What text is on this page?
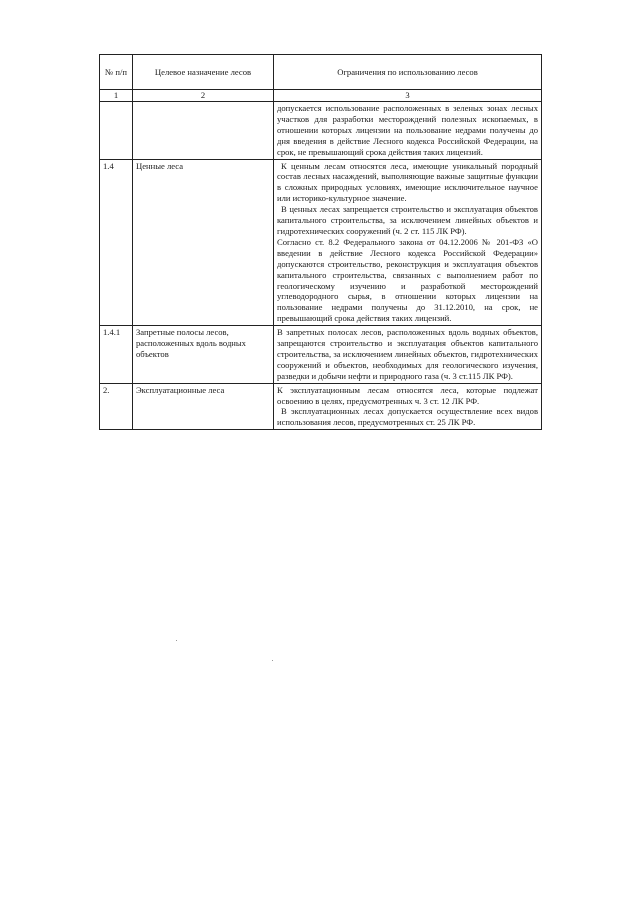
№ п/п	Целевое назначение лесов	Ограничения по использованию лесов
1	2	3

		допускается использование расположенных в зеленых зонах лесных участков для разработки месторождений полезных ископаемых, в отношении которых лицензии на пользование недрами получены до дня введения в действие Лесного кодекса Российской Федерации, на срок, не превышающий срока действия таких лицензий.

1.4	Ценные леса	К ценным лесам относятся леса, имеющие уникальный породный состав лесных насаждений, выполняющие важные защитные функции в сложных природных условиях, имеющие исключительное научное или историко-культурное значение.

В ценных лесах запрещается строительство и эксплуатация объектов капитального строительства, за исключением линейных объектов и гидротехнических сооружений (ч. 2 ст. 115 ЛК РФ).

Согласно ст. 8.2 Федерального закона от 04.12.2006 № 201-ФЗ «О введении в действие Лесного кодекса Российской Федерации» допускаются строительство, реконструкция и эксплуатация объектов капитального строительства, связанных с выполнением работ по геологическому изучению и разработкой месторождений углеводородного сырья, в отношении которых лицензии на пользование недрами получены до 31.12.2010, на срок, не превышающий срока действия таких лицензий.

1.4.1	Запретные полосы лесов, расположенных вдоль водных объектов	В запретных полосах лесов, расположенных вдоль водных объектов, запрещаются строительство и эксплуатация объектов капитального строительства, за исключением линейных объектов, гидротехнических сооружений и объектов, необходимых для геологического изучения, разведки и добычи нефти и природного газа (ч. 3 ст.115 ЛК РФ).

2.	Эксплуатационные леса	К эксплуатационным лесам относятся леса, которые подлежат освоению в целях, предусмотренных ч. 3 ст. 12 ЛК РФ.

В эксплуатационных лесах допускается осуществление всех видов использования лесов, предусмотренных ст. 25 ЛК РФ.
